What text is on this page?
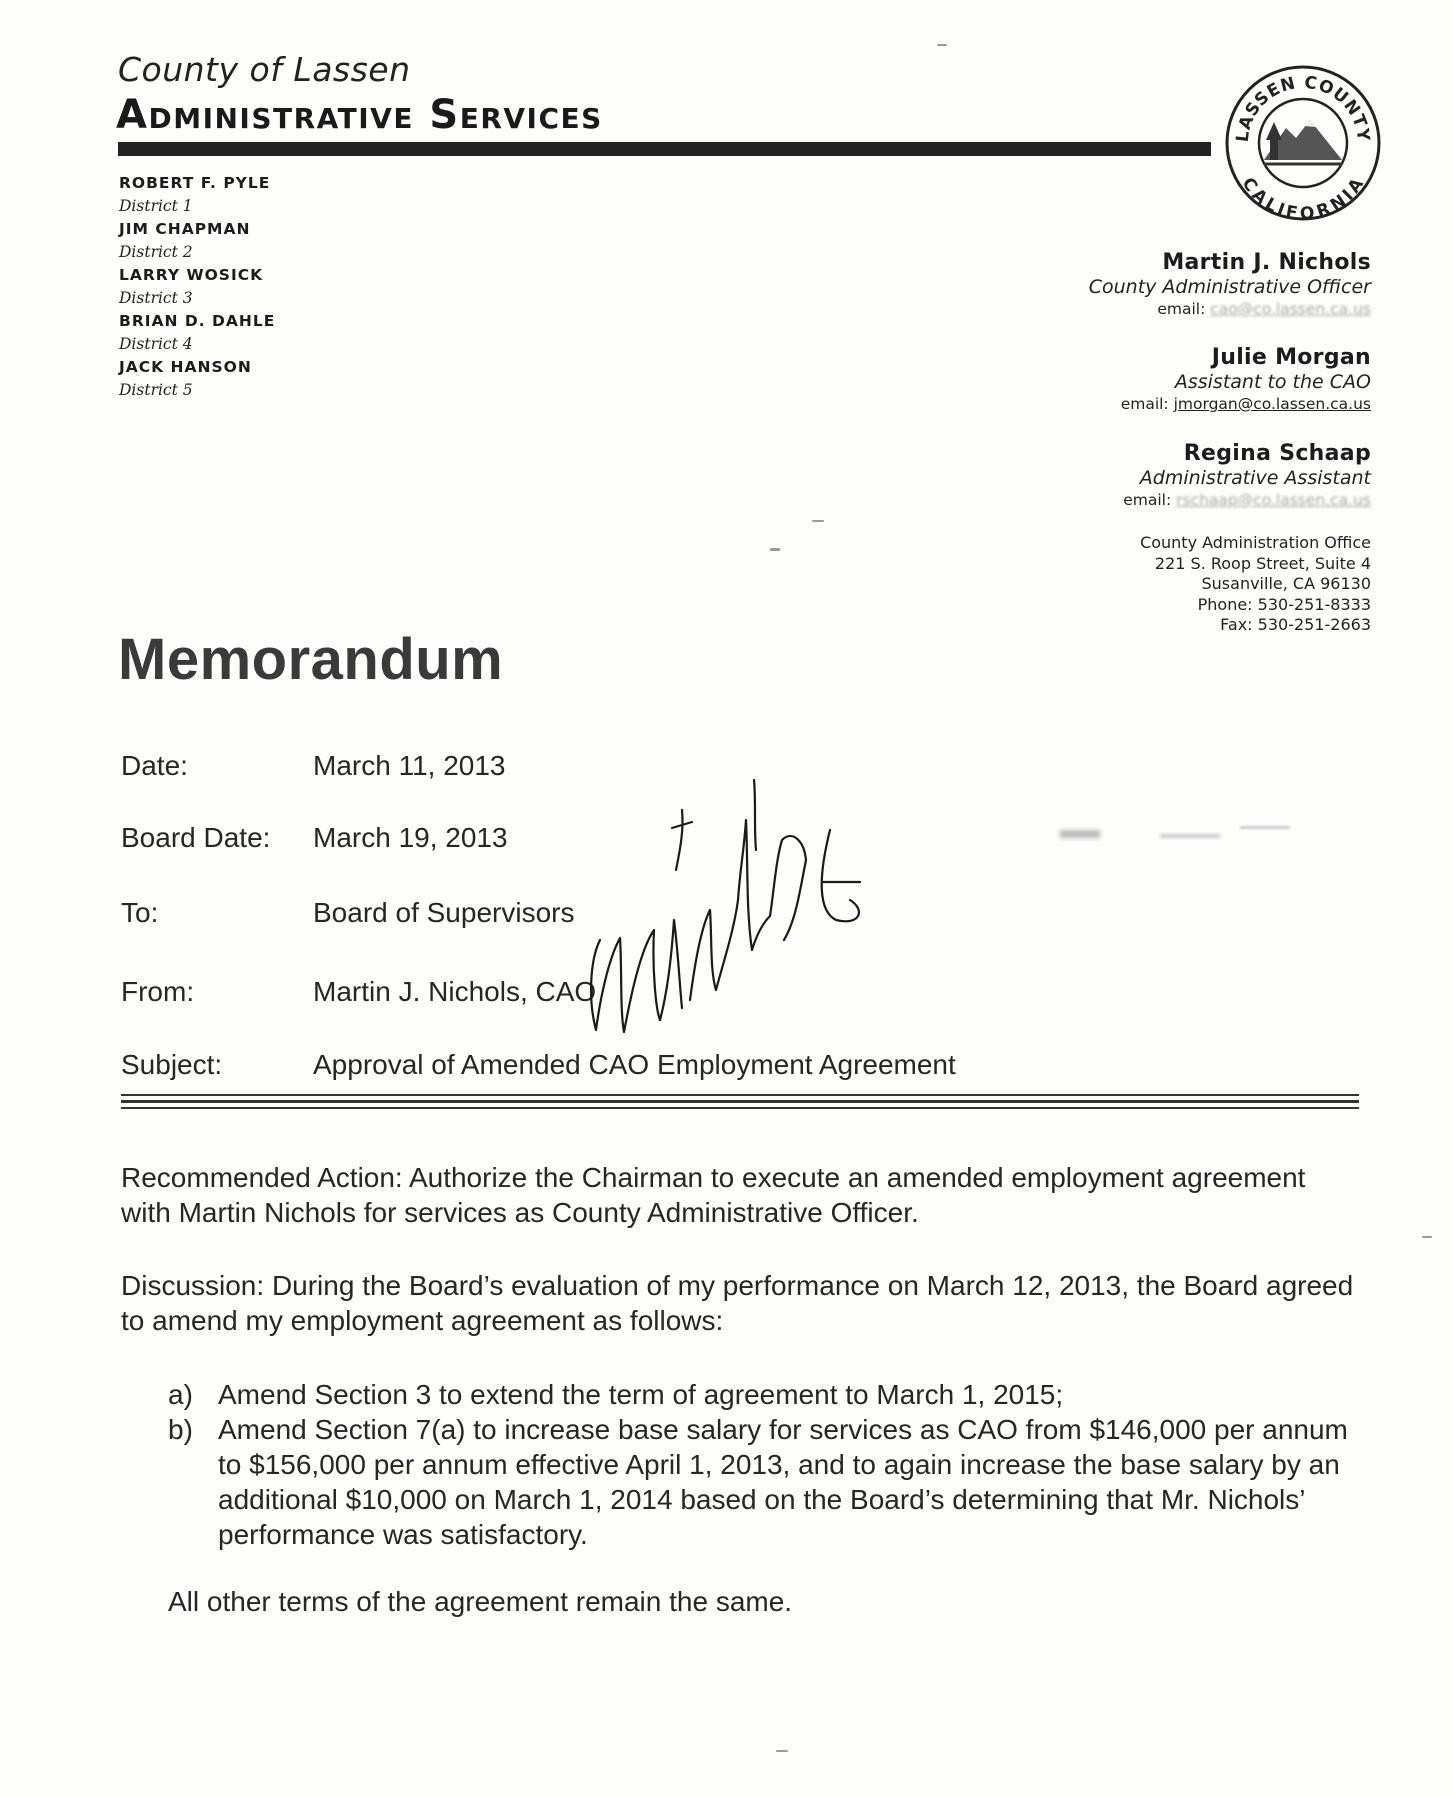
County of Lassen
Administrative Services	LASSEN COUNTY
CALIFORNIA
ROBERT F. PYLE
District 1
JIM CHAPMAN
District 2
LARRY WOSICK
District 3
BRIAN D. DAHLE
District 4
JACK HANSON
District 5
Martin J. Nichols
County Administrative Officer
email: cao@co.lassen.ca.us
Julie Morgan
Assistant to the CAO
email: jmorgan@co.lassen.ca.us
Regina Schaap
Administrative Assistant
email: rschaap@co.lassen.ca.us
County Administration Office
221 S. Roop Street, Suite 4
Susanville, CA 96130
Phone: 530-251-8333
Fax: 530-251-2663
Memorandum
Date:	March 11, 2013
Board Date: March 19, 2013
To:	Board of Supervisors
From:	Martin J. Nichols, CAO
Subject:	Approval of Amended CAO Employment Agreement
Recommended Action: Authorize the Chairman to execute an amended employment agreement with Martin Nichols for services as County Administrative Officer.
Discussion: During the Board’s evaluation of my performance on March 12, 2013, the Board agreed to amend my employment agreement as follows:
a) Amend Section 3 to extend the term of agreement to March 1, 2015;
b) Amend Section 7(a) to increase base salary for services as CAO from $146,000 per annum to $156,000 per annum effective April 1, 2013, and to again increase the base salary by an additional $10,000 on March 1, 2014 based on the Board’s determining that Mr. Nichols’ performance was satisfactory.
All other terms of the agreement remain the same.
